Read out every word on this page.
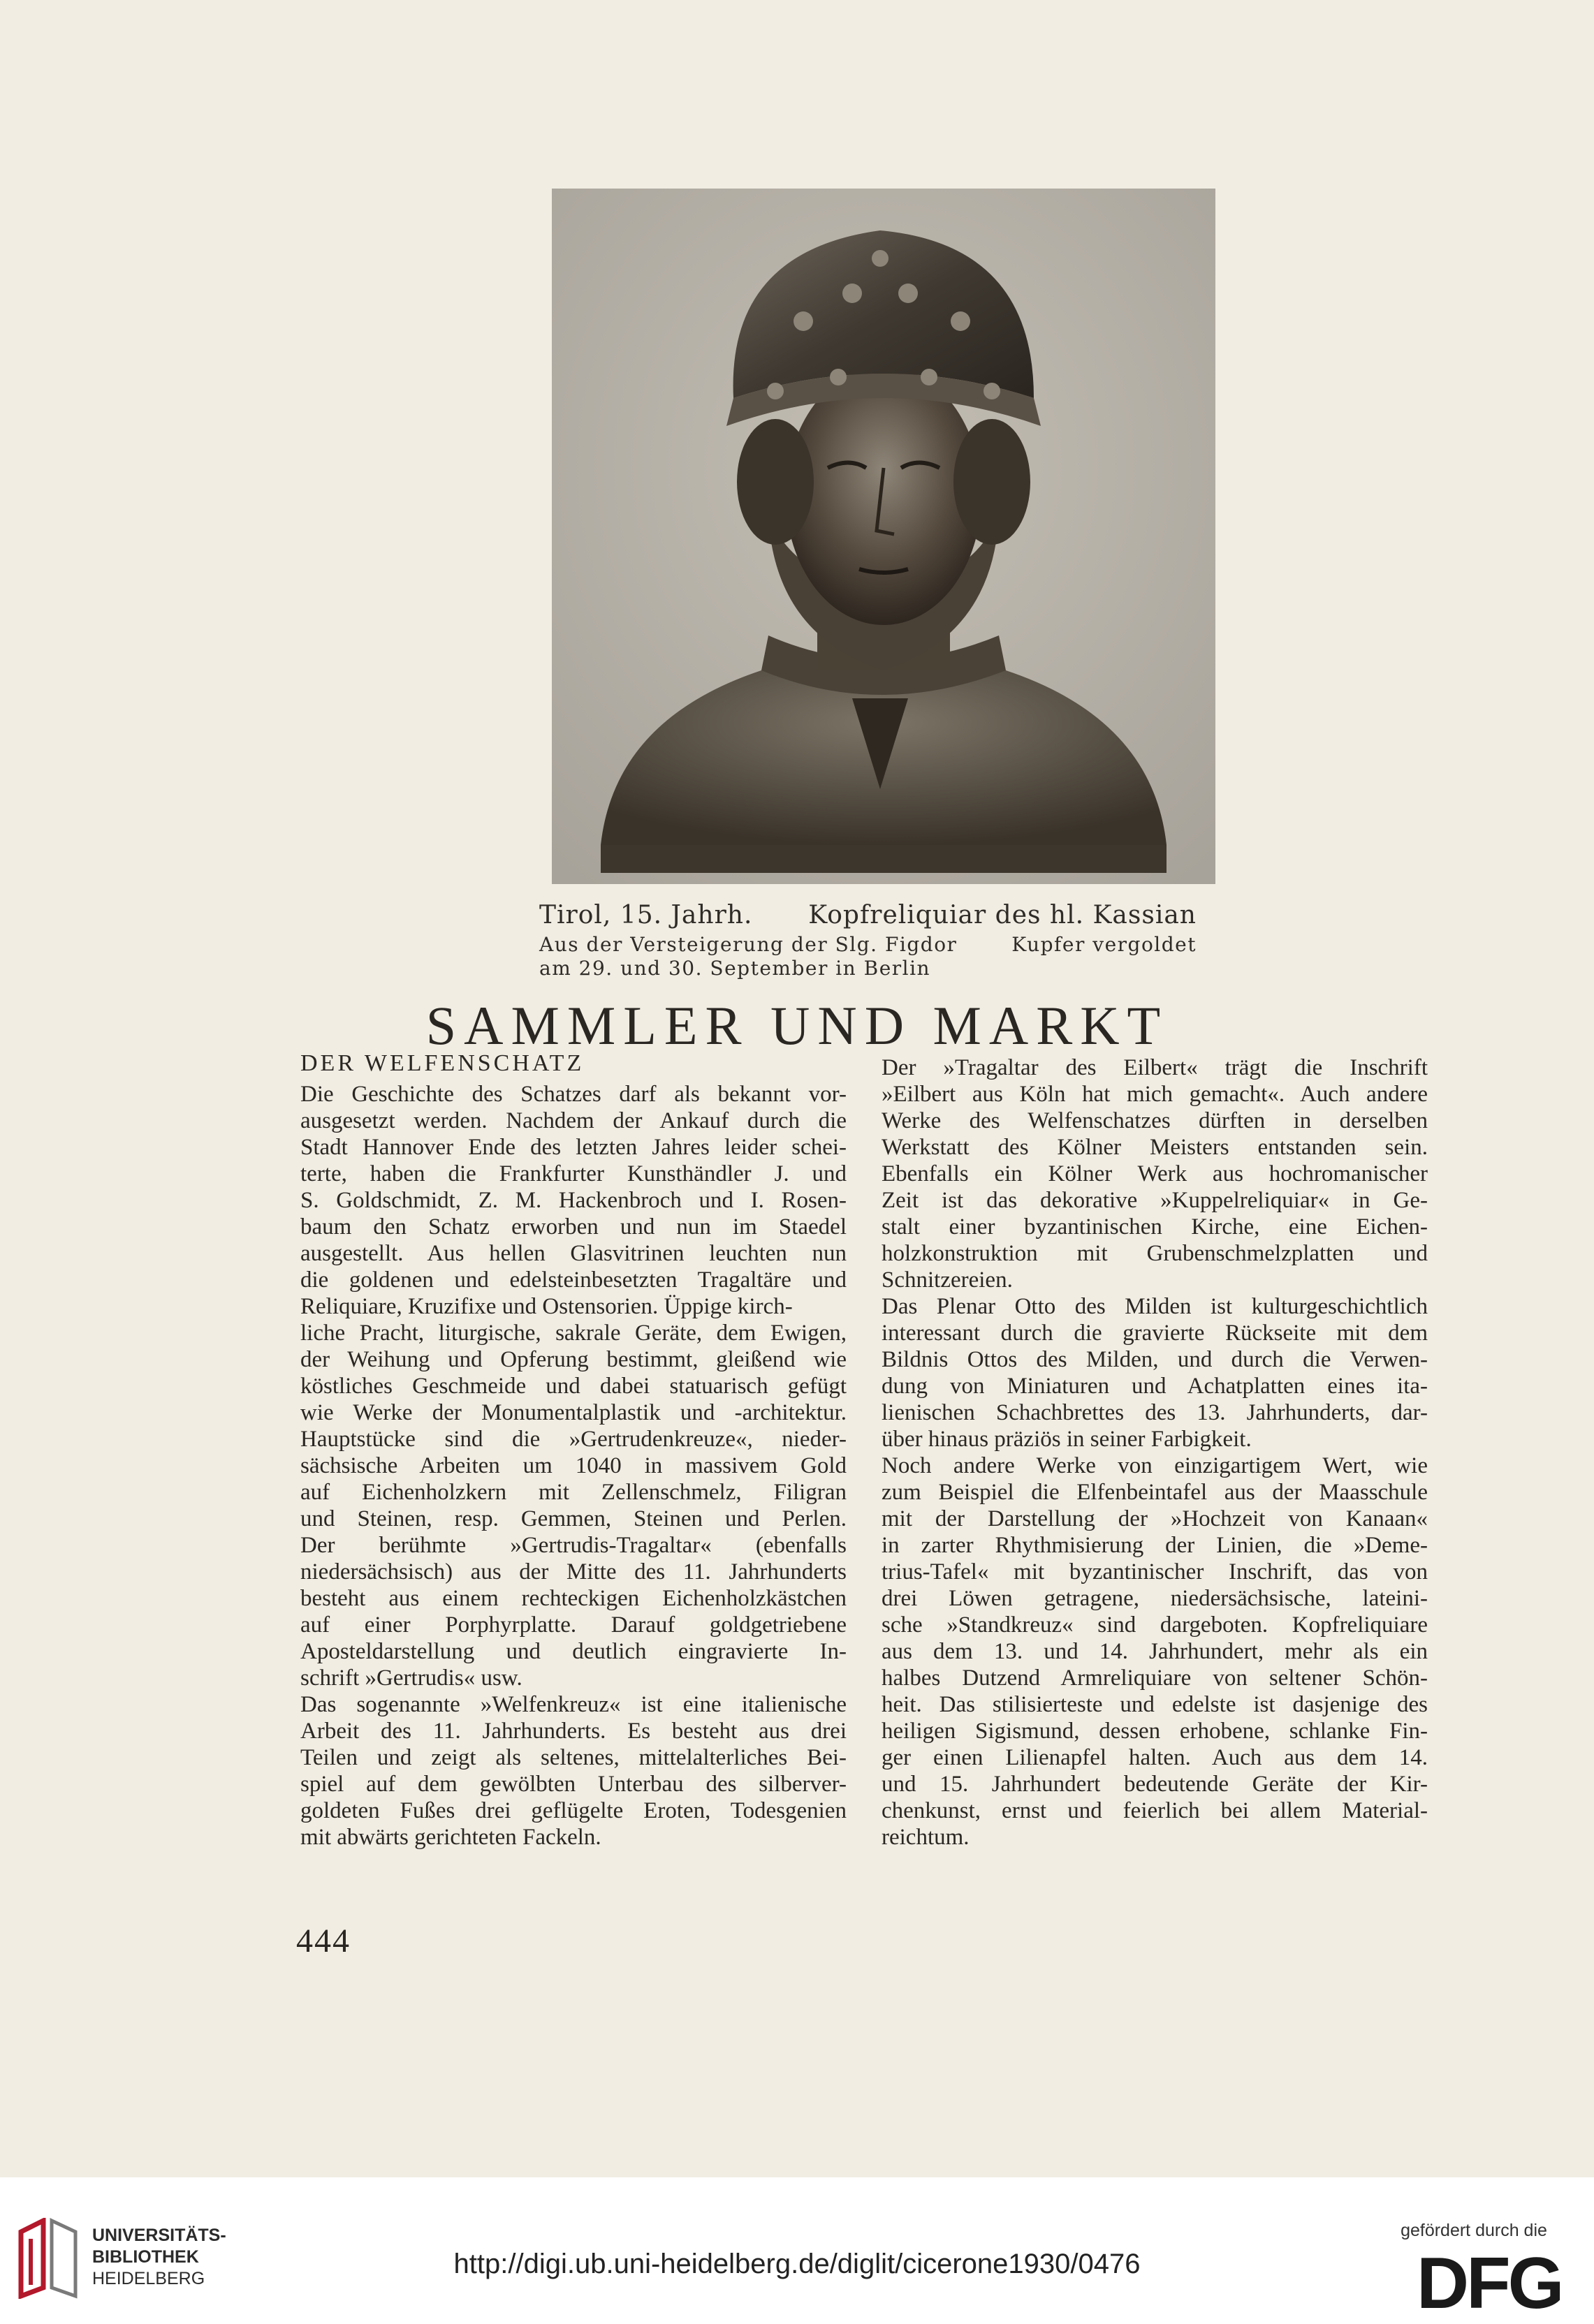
Tirol, 15. Jahrh.
Aus der Versteigerung der Slg. Figdor
am 29. und 30. September in Berlin
Kopfreliquiar des hl. Kassian
Kupfer vergoldet
SAMMLER UND MARKT
DER WELFENSCHATZ
Die Geschichte des Schatzes darf als bekannt vor-
ausgesetzt werden. Nachdem der Ankauf durch die
Stadt Hannover Ende des letzten Jahres leider schei-
terte, haben die Frankfurter Kunsthändler J. und
S. Goldschmidt, Z. M. Hackenbroch und I. Rosen-
baum den Schatz erworben und nun im Staedel
ausgestellt. Aus hellen Glasvitrinen leuchten nun
die goldenen und edelsteinbesetzten Tragaltäre und
Reliquiare, Kruzifixe und Ostensorien. Üppige kirch-
liche Pracht, liturgische, sakrale Geräte, dem Ewigen,
der Weihung und Opferung bestimmt, gleißend wie
köstliches Geschmeide und dabei statuarisch gefügt
wie Werke der Monumentalplastik und -architektur.
Hauptstücke sind die »Gertrudenkreuze«, nieder-
sächsische Arbeiten um 1040 in massivem Gold
auf Eichenholzkern mit Zellenschmelz, Filigran
und Steinen, resp. Gemmen, Steinen und Perlen.
Der berühmte »Gertrudis-Tragaltar« (ebenfalls
niedersächsisch) aus der Mitte des 11. Jahrhunderts
besteht aus einem rechteckigen Eichenholzkästchen
auf einer Porphyrplatte. Darauf goldgetriebene
Aposteldarstellung und deutlich eingravierte In-
schrift »Gertrudis« usw.
Das sogenannte »Welfenkreuz« ist eine italienische
Arbeit des 11. Jahrhunderts. Es besteht aus drei
Teilen und zeigt als seltenes, mittelalterliches Bei-
spiel auf dem gewölbten Unterbau des silberver-
goldeten Fußes drei geflügelte Eroten, Todesgenien
mit abwärts gerichteten Fackeln.
Der »Tragaltar des Eilbert« trägt die Inschrift
»Eilbert aus Köln hat mich gemacht«. Auch andere
Werke des Welfenschatzes dürften in derselben
Werkstatt des Kölner Meisters entstanden sein.
Ebenfalls ein Kölner Werk aus hochromanischer
Zeit ist das dekorative »Kuppelreliquiar« in Ge-
stalt einer byzantinischen Kirche, eine Eichen-
holzkonstruktion mit Grubenschmelzplatten und
Schnitzereien.
Das Plenar Otto des Milden ist kulturgeschichtlich
interessant durch die gravierte Rückseite mit dem
Bildnis Ottos des Milden, und durch die Verwen-
dung von Miniaturen und Achatplatten eines ita-
lienischen Schachbrettes des 13. Jahrhunderts, dar-
über hinaus präziös in seiner Farbigkeit.
Noch andere Werke von einzigartigem Wert, wie
zum Beispiel die Elfenbeintafel aus der Maasschule
mit der Darstellung der »Hochzeit von Kanaan«
in zarter Rhythmisierung der Linien, die »Deme-
trius-Tafel« mit byzantinischer Inschrift, das von
drei Löwen getragene, niedersächsische, lateini-
sche »Standkreuz« sind dargeboten. Kopfreliquiare
aus dem 13. und 14. Jahrhundert, mehr als ein
halbes Dutzend Armreliquiare von seltener Schön-
heit. Das stilisierteste und edelste ist dasjenige des
heiligen Sigismund, dessen erhobene, schlanke Fin-
ger einen Lilienapfel halten. Auch aus dem 14.
und 15. Jahrhundert bedeutende Geräte der Kir-
chenkunst, ernst und feierlich bei allem Material-
reichtum.
444
UNIVERSITÄTS-
BIBLIOTHEK
HEIDELBERG	http://digi.ub.uni-heidelberg.de/diglit/cicerone1930/0476
gefördert durch die
DFG
